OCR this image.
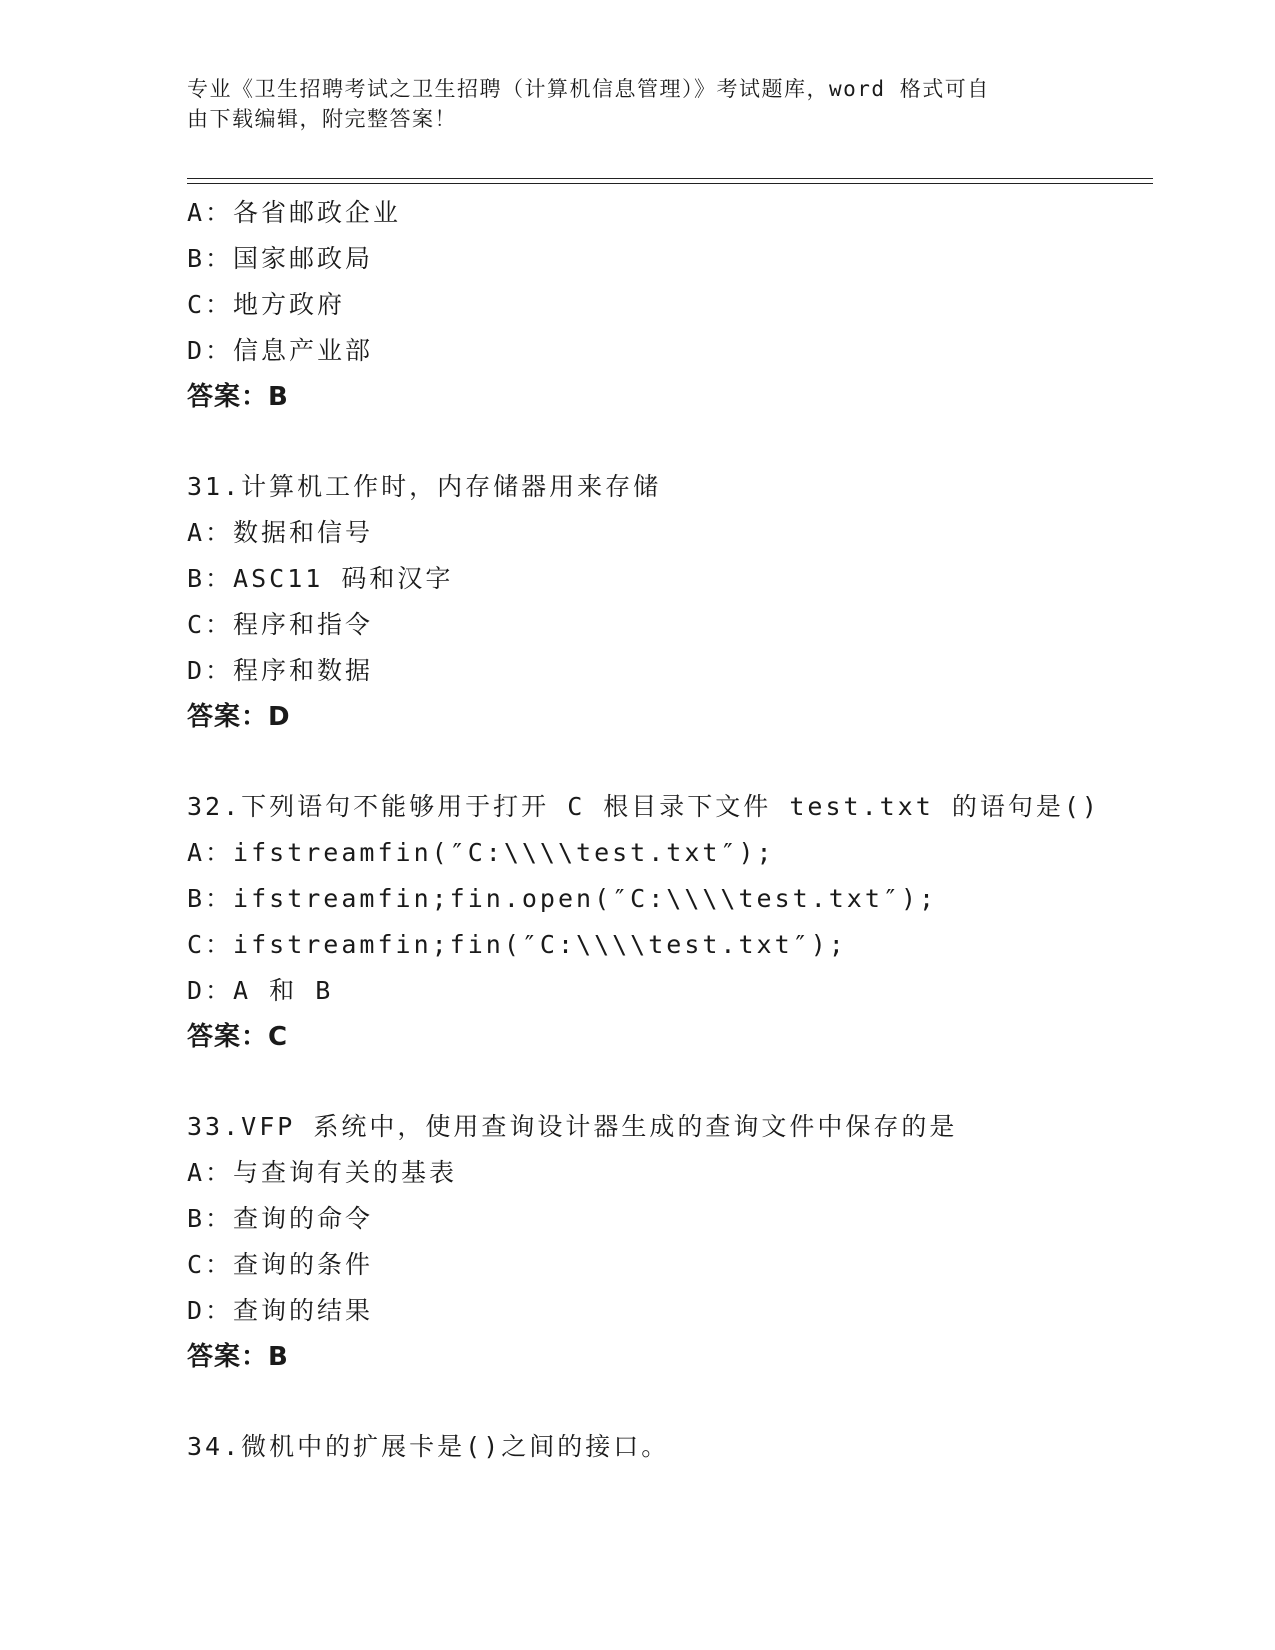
专业《卫生招聘考试之卫生招聘（计算机信息管理）》考试题库，word 格式可自
由下载编辑，附完整答案！
A：各省邮政企业
B：国家邮政局
C：地方政府
D：信息产业部
答案：B
31.计算机工作时，内存储器用来存储
A：数据和信号
B：ASC11 码和汉字
C：程序和指令
D：程序和数据
答案：D
32.下列语句不能够用于打开 C 根目录下文件 test.txt 的语句是()
A：ifstreamfin(″C:\\\\test.txt″);
B：ifstreamfin;fin.open(″C:\\\\test.txt″);
C：ifstreamfin;fin(″C:\\\\test.txt″);
D：A 和 B
答案：C
33.VFP 系统中，使用查询设计器生成的查询文件中保存的是
A：与查询有关的基表
B：查询的命令
C：查询的条件
D：查询的结果
答案：B
34.微机中的扩展卡是()之间的接口。
